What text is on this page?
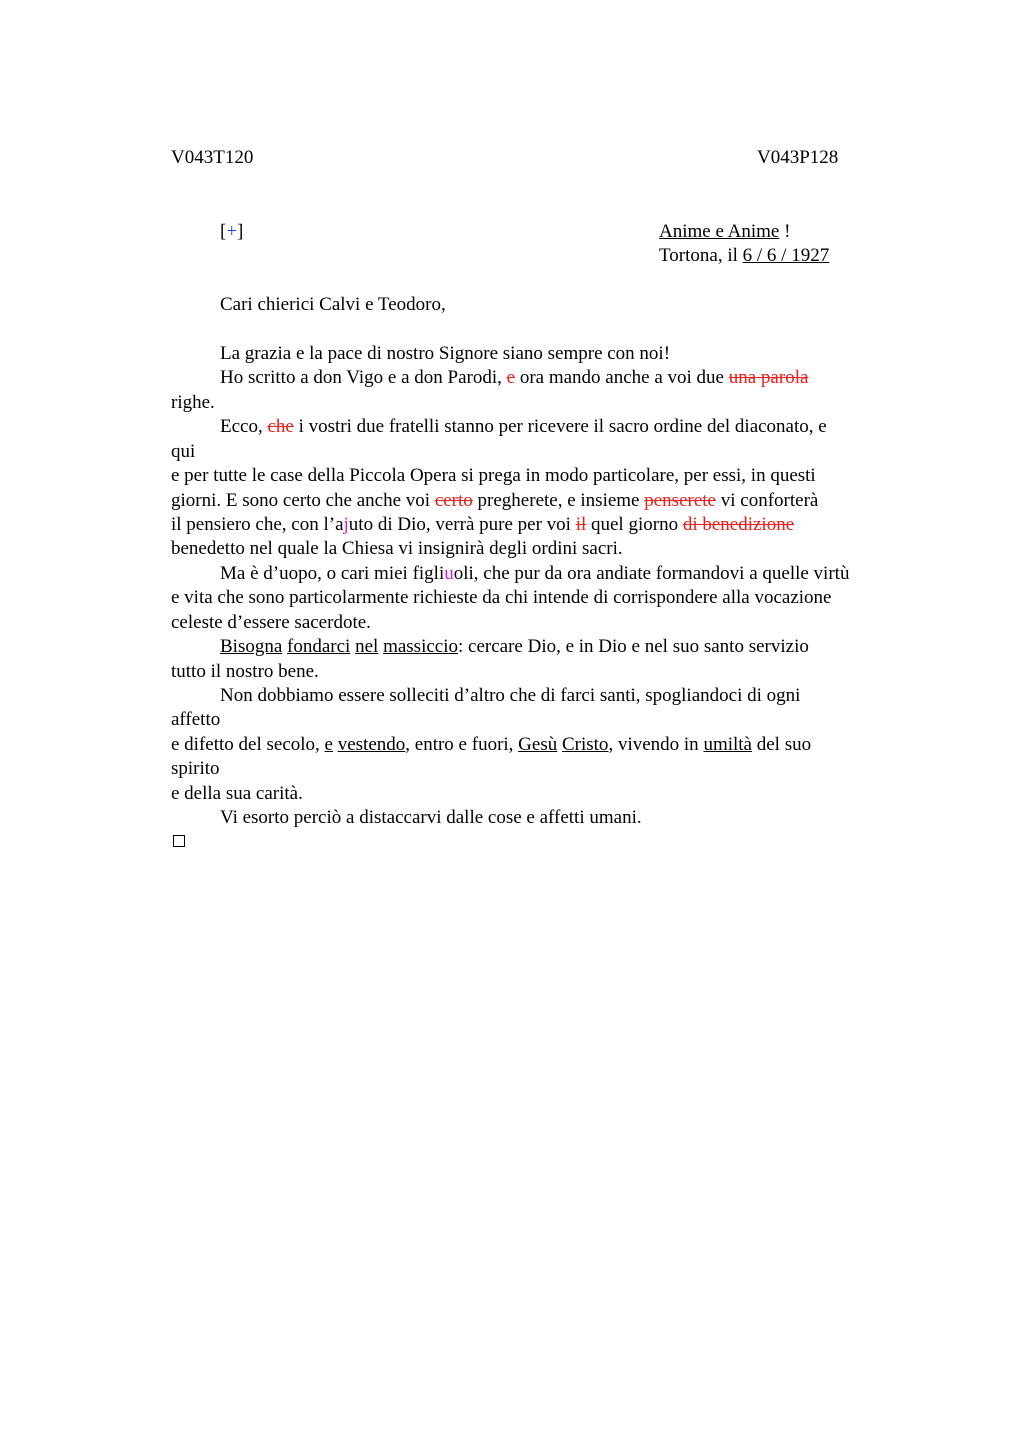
V043T120	V043P128
[+]	Anime e Anime !
Tortona, il 6 / 6 / 1927
Cari chierici Calvi e Teodoro,
La grazia e la pace di nostro Signore siano sempre con noi!
Ho scritto a don Vigo e a don Parodi, e ora mando anche a voi due una parola
righe.
Ecco, che i vostri due fratelli stanno per ricevere il sacro ordine del diaconato, e
qui
e per tutte le case della Piccola Opera si prega in modo particolare, per essi, in questi
giorni. E sono certo che anche voi certo pregherete, e insieme penserete vi conforterà
il pensiero che, con l’ajuto di Dio, verrà pure per voi il quel giorno di benedizione
benedetto nel quale la Chiesa vi insignirà degli ordini sacri.
Ma è d’uopo, o cari miei figliuoli, che pur da ora andiate formandovi a quelle virtù
e vita che sono particolarmente richieste da chi intende di corrispondere alla vocazione
celeste d’essere sacerdote.
Bisogna fondarci nel massiccio: cercare Dio, e in Dio e nel suo santo servizio
tutto il nostro bene.
Non dobbiamo essere solleciti d’altro che di farci santi, spogliandoci di ogni
affetto
e difetto del secolo, e vestendo, entro e fuori, Gesù Cristo, vivendo in umiltà del suo
spirito
e della sua carità.
Vi esorto perciò a distaccarvi dalle cose e affetti umani.
